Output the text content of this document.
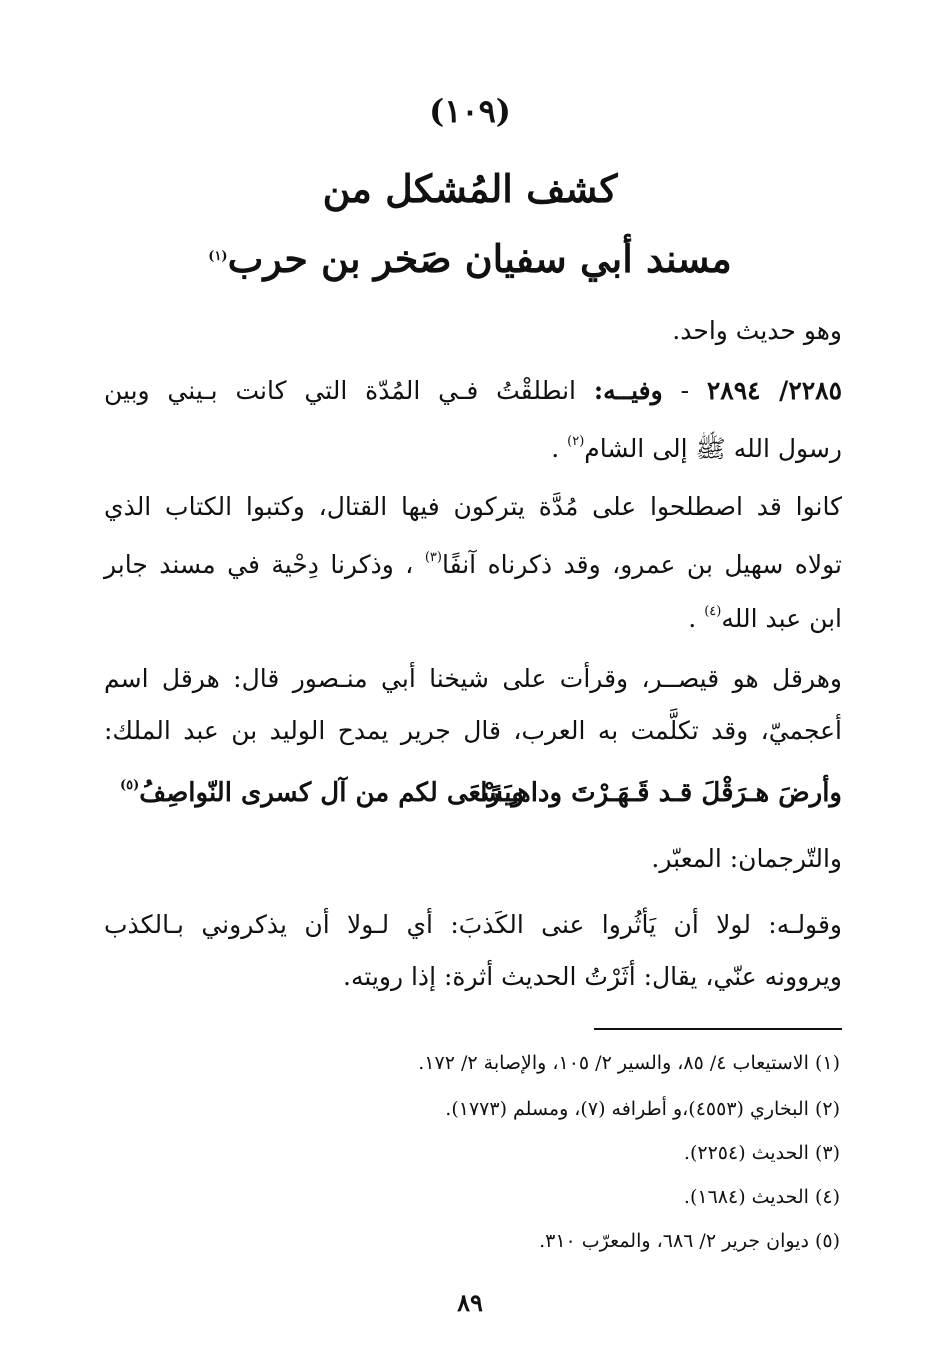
(١٠٩)
كشف المُشكل من
مسند أبي سفيان صَخر بن حرب$^{(١)}$
وهو حديث واحد.
٢٢٨٥/ ٢٨٩٤ - وفيــه: انطلقْتُ فـي المُدّة التي كانت بـيني وبين
رسول الله ﷺ إلى الشام$^{(٢)}$ .
كانوا قد اصطلحوا على مُدَّة يتركون فيها القتال، وكتبوا الكتاب الذي
تولاه سهيل بن عمرو، وقد ذكرناه آنفًا$^{(٣)}$ ، وذكرنا دِحْية في مسند جابر
ابن عبد الله$^{(٤)}$ .
وهرقل هو قيصــر، وقرأت على شيخنا أبي منـصور قال: هرقل اسم
أعجميّ، وقد تكلَّمت به العرب، قال جرير يمدح الوليد بن عبد الملك:
وأرضَ هـرَقْلَ قـد قَـهَـرْتَ وداهـِـرًا
ويَسْعَى لكم من آل كسرى النّواصِفُ$^{(٥)}$
والتّرجمان: المعبّر.
وقولـه: لولا أن يَأثُروا عنى الكَذبَ: أي لـولا أن يذكروني بـالكذب
ويروونه عنّي، يقال: أثَرْتُ الحديث أثرة: إذا رويته.
(١) الاستيعاب ٤/ ٨٥، والسير ٢/ ١٠٥، والإصابة ٢/ ١٧٢.
(٢) البخاري (٤٥٥٣)،و أطرافه (٧)، ومسلم (١٧٧٣).
(٣) الحديث (٢٢٥٤).
(٤) الحديث (١٦٨٤).
(٥) ديوان جرير ٢/ ٦٨٦، والمعرّب ٣١٠.
٨٩
